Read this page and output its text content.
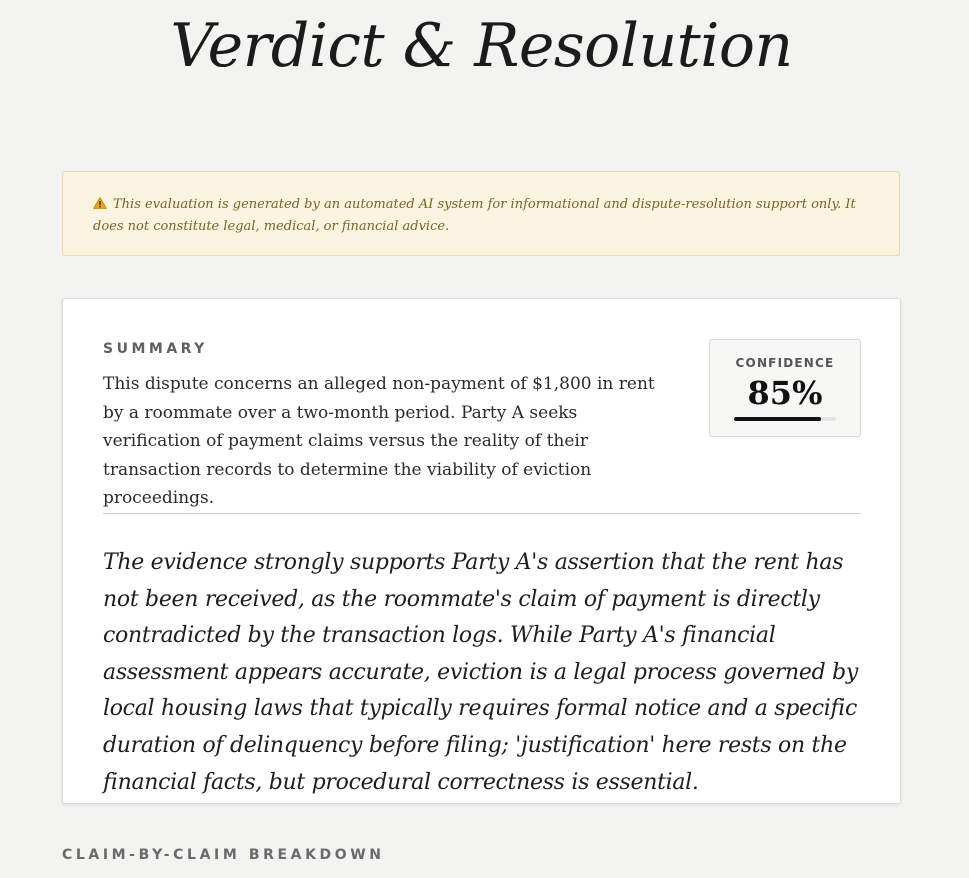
Verdict & Resolution
This evaluation is generated by an automated AI system for informational and dispute-resolution support only. It does not constitute legal, medical, or financial advice.
SUMMARY
This dispute concerns an alleged non-payment of $1,800 in rent by a roommate over a two-month period. Party A seeks verification of payment claims versus the reality of their transaction records to determine the viability of eviction proceedings.
CONFIDENCE
85%
The evidence strongly supports Party A's assertion that the rent has not been received, as the roommate's claim of payment is directly contradicted by the transaction logs. While Party A's financial assessment appears accurate, eviction is a legal process governed by local housing laws that typically requires formal notice and a specific duration of delinquency before filing; 'justification' here rests on the financial facts, but procedural correctness is essential.
CLAIM-BY-CLAIM BREAKDOWN
